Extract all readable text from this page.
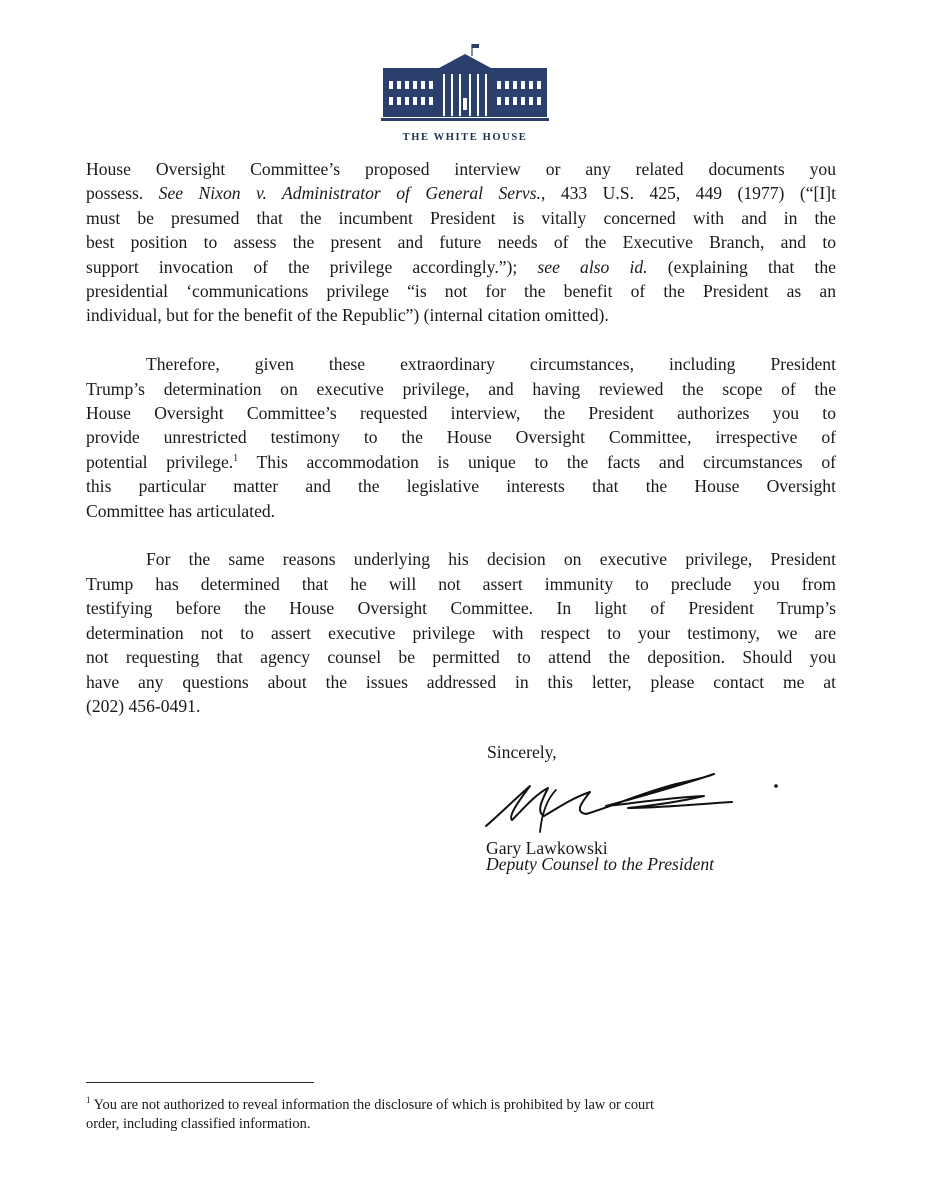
THE WHITE HOUSE

House Oversight Committee’s proposed interview or any related documents you
possess. See Nixon v. Administrator of General Servs., 433 U.S. 425, 449 (1977) (“[I]t
must be presumed that the incumbent President is vitally concerned with and in the
best position to assess the present and future needs of the Executive Branch, and to
support invocation of the privilege accordingly.”); see also id. (explaining that the
presidential ‘communications privilege “is not for the benefit of the President as an
individual, but for the benefit of the Republic”) (internal citation omitted).

Therefore, given these extraordinary circumstances, including President
Trump’s determination on executive privilege, and having reviewed the scope of the
House Oversight Committee’s requested interview, the President authorizes you to
provide unrestricted testimony to the House Oversight Committee, irrespective of
potential privilege.$^1$ This accommodation is unique to the facts and circumstances of
this particular matter and the legislative interests that the House Oversight
Committee has articulated.

For the same reasons underlying his decision on executive privilege, President
Trump has determined that he will not assert immunity to preclude you from
testifying before the House Oversight Committee. In light of President Trump’s
determination not to assert executive privilege with respect to your testimony, we are
not requesting that agency counsel be permitted to attend the deposition. Should you
have any questions about the issues addressed in this letter, please contact me at
(202) 456-0491.

Sincerely,
Gary Lawkowski
Deputy Counsel to the President
$^1$ You are not authorized to reveal information the disclosure of which is prohibited by law or court
order, including classified information.
